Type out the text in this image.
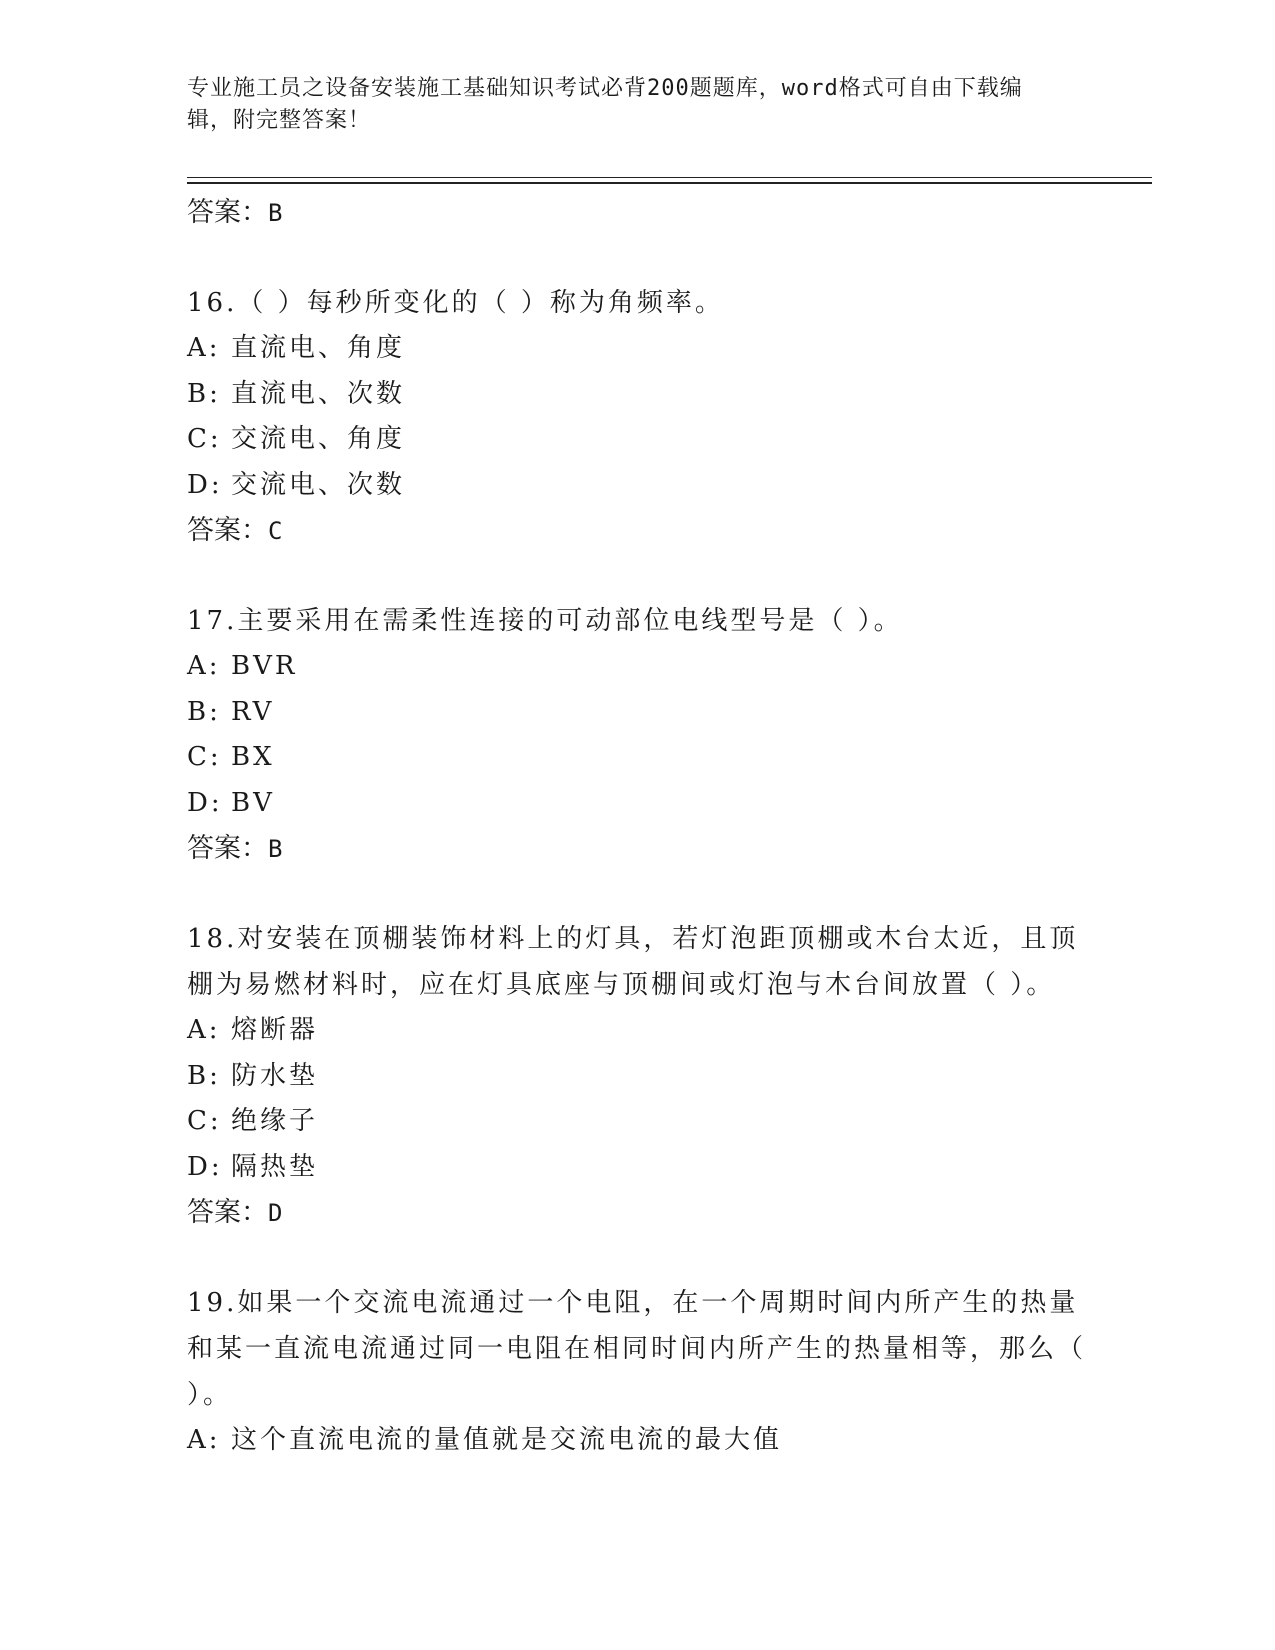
专业施工员之设备安装施工基础知识考试必背200题题库，word格式可自由下载编辑，附完整答案！
答案：B
16.（ ）每秒所变化的（ ）称为角频率。
A: 直流电、角度
B: 直流电、次数
C: 交流电、角度
D: 交流电、次数
答案：C
17.主要采用在需柔性连接的可动部位电线型号是（ ）。
A: BVR
B: RV
C: BX
D: BV
答案：B
18.对安装在顶棚装饰材料上的灯具，若灯泡距顶棚或木台太近，且顶棚为易燃材料时，应在灯具底座与顶棚间或灯泡与木台间放置（ ）。
A: 熔断器
B: 防水垫
C: 绝缘子
D: 隔热垫
答案：D
19.如果一个交流电流通过一个电阻，在一个周期时间内所产生的热量和某一直流电流通过同一电阻在相同时间内所产生的热量相等，那么（ ）。
A: 这个直流电流的量值就是交流电流的最大值
